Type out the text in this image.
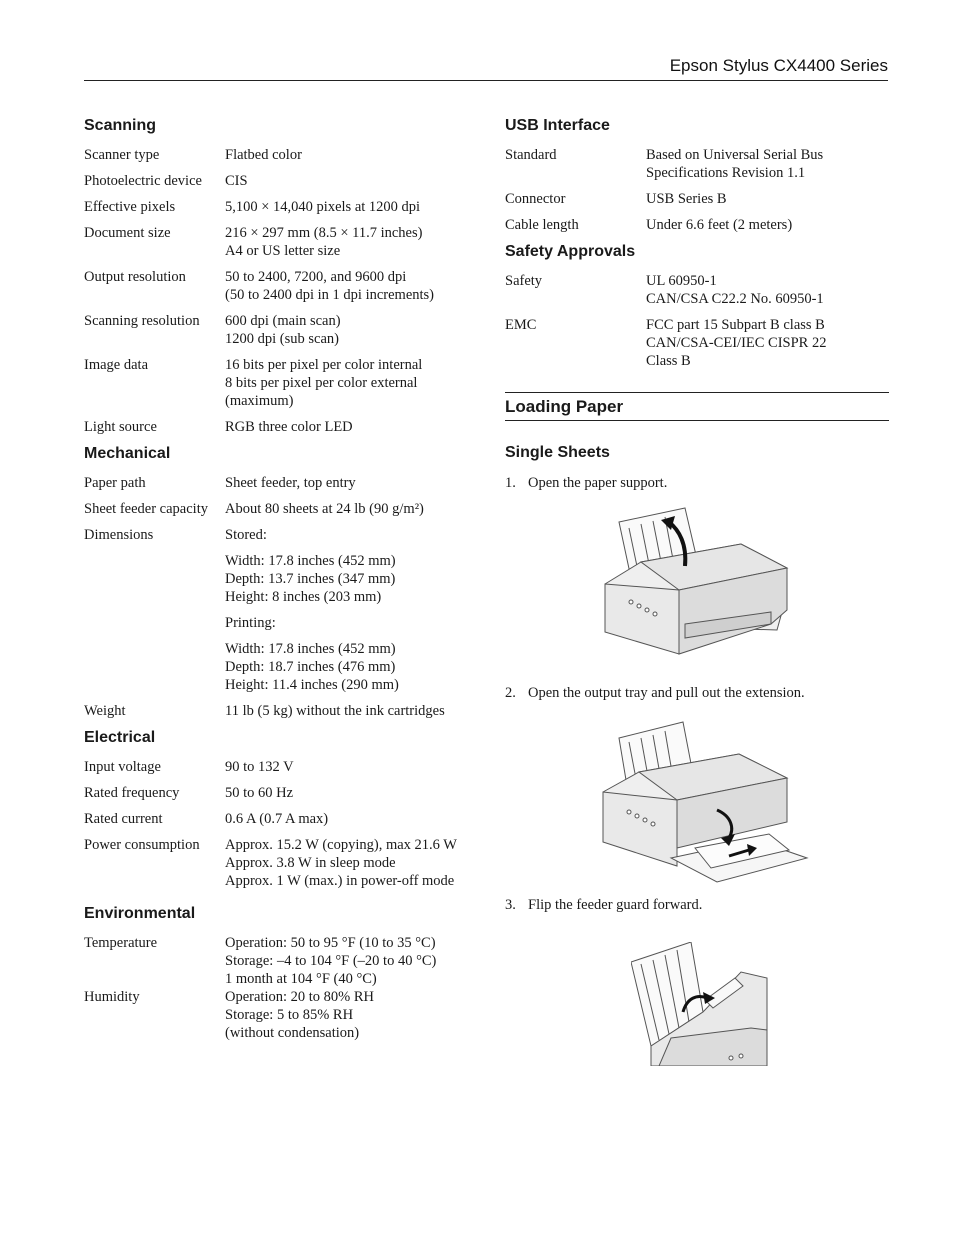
Epson Stylus CX4400 Series
Scanning
Scanner type	Flatbed color
Photoelectric device	CIS
Effective pixels	5,100 × 14,040 pixels at 1200 dpi
Document size	216 × 297 mm (8.5 × 11.7 inches)
A4 or US letter size
Output resolution	50 to 2400, 7200, and 9600 dpi
(50 to 2400 dpi in 1 dpi increments)
Scanning resolution	600 dpi (main scan)
1200 dpi (sub scan)
Image data	16 bits per pixel per color internal
8 bits per pixel per color external
(maximum)
Light source	RGB three color LED
Mechanical
Paper path	Sheet feeder, top entry
Sheet feeder capacity	About 80 sheets at 24 lb (90 g/m²)
Dimensions	Stored:
Width: 17.8 inches (452 mm)
Depth: 13.7 inches (347 mm)
Height: 8 inches (203 mm)
Printing:
Width: 17.8 inches (452 mm)
Depth: 18.7 inches (476 mm)
Height: 11.4 inches (290 mm)
Weight	11 lb (5 kg) without the ink cartridges
Electrical
Input voltage	90 to 132 V
Rated frequency	50 to 60 Hz
Rated current	0.6 A (0.7 A max)
Power consumption	Approx. 15.2 W (copying), max 21.6 W
Approx. 3.8 W in sleep mode
Approx. 1 W (max.) in power-off mode
Environmental
Temperature	Operation: 50 to 95 °F (10 to 35 °C)
Storage: –4 to 104 °F (–20 to 40 °C)
1 month at 104 °F (40 °C)
Humidity	Operation: 20 to 80% RH
Storage: 5 to 85% RH
(without condensation)
USB Interface
Standard	Based on Universal Serial Bus
Specifications Revision 1.1
Connector	USB Series B
Cable length	Under 6.6 feet (2 meters)
Safety Approvals
Safety	UL 60950-1
CAN/CSA C22.2 No. 60950-1
EMC	FCC part 15 Subpart B class B
CAN/CSA-CEI/IEC CISPR 22
Class B
Loading Paper
Single Sheets
1. Open the paper support.
2. Open the output tray and pull out the extension.
3. Flip the feeder guard forward.
